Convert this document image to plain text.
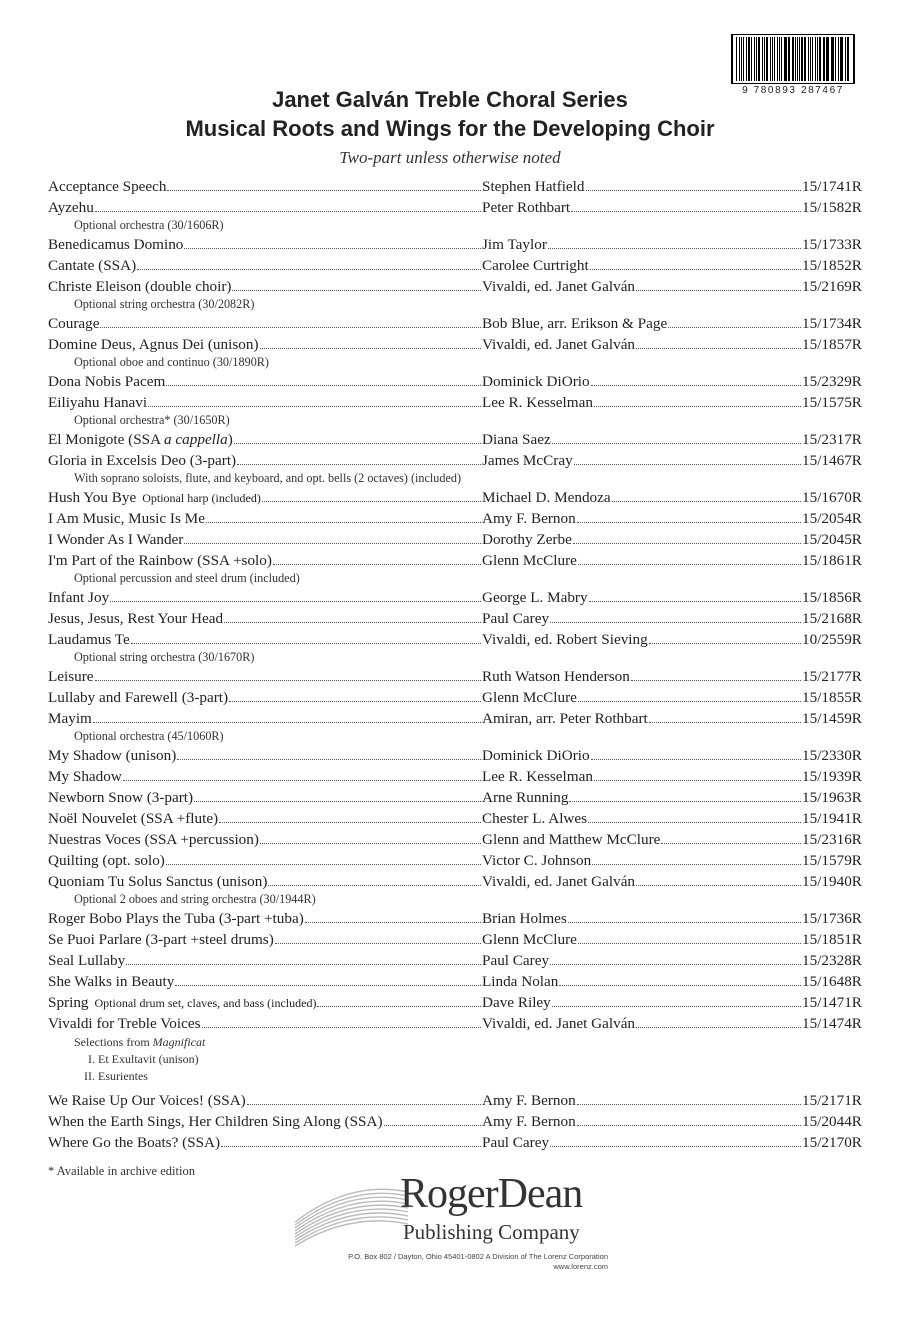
9 780893 287467
Janet Galván Treble Choral Series
Musical Roots and Wings for the Developing Choir
Two-part unless otherwise noted
Acceptance Speech	Stephen Hatfield	15/1741R
Ayzehu	Peter Rothbart	15/1582R
Optional orchestra (30/1606R)
Benedicamus Domino	Jim Taylor	15/1733R
Cantate (SSA)	Carolee Curtright	15/1852R
Christe Eleison (double choir)	Vivaldi, ed. Janet Galván	15/2169R
Optional string orchestra (30/2082R)
Courage	Bob Blue, arr. Erikson & Page	15/1734R
Domine Deus, Agnus Dei (unison)	Vivaldi, ed. Janet Galván	15/1857R
Optional oboe and continuo (30/1890R)
Dona Nobis Pacem	Dominick DiOrio	15/2329R
Eiliyahu Hanavi	Lee R. Kesselman	15/1575R
Optional orchestra* (30/1650R)
El Monigote (SSA a cappella)	Diana Saez	15/2317R
Gloria in Excelsis Deo (3-part)	James McCray	15/1467R
With soprano soloists, flute, and keyboard, and opt. bells (2 octaves) (included)
Hush You Bye Optional harp (included)	Michael D. Mendoza	15/1670R
I Am Music, Music Is Me	Amy F. Bernon	15/2054R
I Wonder As I Wander	Dorothy Zerbe	15/2045R
I'm Part of the Rainbow (SSA +solo)	Glenn McClure	15/1861R
Optional percussion and steel drum (included)
Infant Joy	George L. Mabry	15/1856R
Jesus, Jesus, Rest Your Head	Paul Carey	15/2168R
Laudamus Te	Vivaldi, ed. Robert Sieving	10/2559R
Optional string orchestra (30/1670R)
Leisure	Ruth Watson Henderson	15/2177R
Lullaby and Farewell (3-part)	Glenn McClure	15/1855R
Mayim	Amiran, arr. Peter Rothbart	15/1459R
Optional orchestra (45/1060R)
My Shadow (unison)	Dominick DiOrio	15/2330R
My Shadow	Lee R. Kesselman	15/1939R
Newborn Snow (3-part)	Arne Running	15/1963R
Noël Nouvelet (SSA +flute)	Chester L. Alwes	15/1941R
Nuestras Voces (SSA +percussion)	Glenn and Matthew McClure	15/2316R
Quilting (opt. solo)	Victor C. Johnson	15/1579R
Quoniam Tu Solus Sanctus (unison)	Vivaldi, ed. Janet Galván	15/1940R
Optional 2 oboes and string orchestra (30/1944R)
Roger Bobo Plays the Tuba (3-part +tuba)	Brian Holmes	15/1736R
Se Puoi Parlare (3-part +steel drums)	Glenn McClure	15/1851R
Seal Lullaby	Paul Carey	15/2328R
She Walks in Beauty	Linda Nolan	15/1648R
Spring Optional drum set, claves, and bass (included)	Dave Riley	15/1471R
Vivaldi for Treble Voices	Vivaldi, ed. Janet Galván	15/1474R
Selections from Magnificat
I. Et Exultavit (unison)
II. Esurientes
We Raise Up Our Voices! (SSA)	Amy F. Bernon	15/2171R
When the Earth Sings, Her Children Sing Along (SSA)	Amy F. Bernon	15/2044R
Where Go the Boats? (SSA)	Paul Carey	15/2170R
* Available in archive edition	RogerDean
Publishing Company
P.O. Box 802 / Dayton, Ohio 45401-0802 A Division of The Lorenz Corporation
www.lorenz.com
